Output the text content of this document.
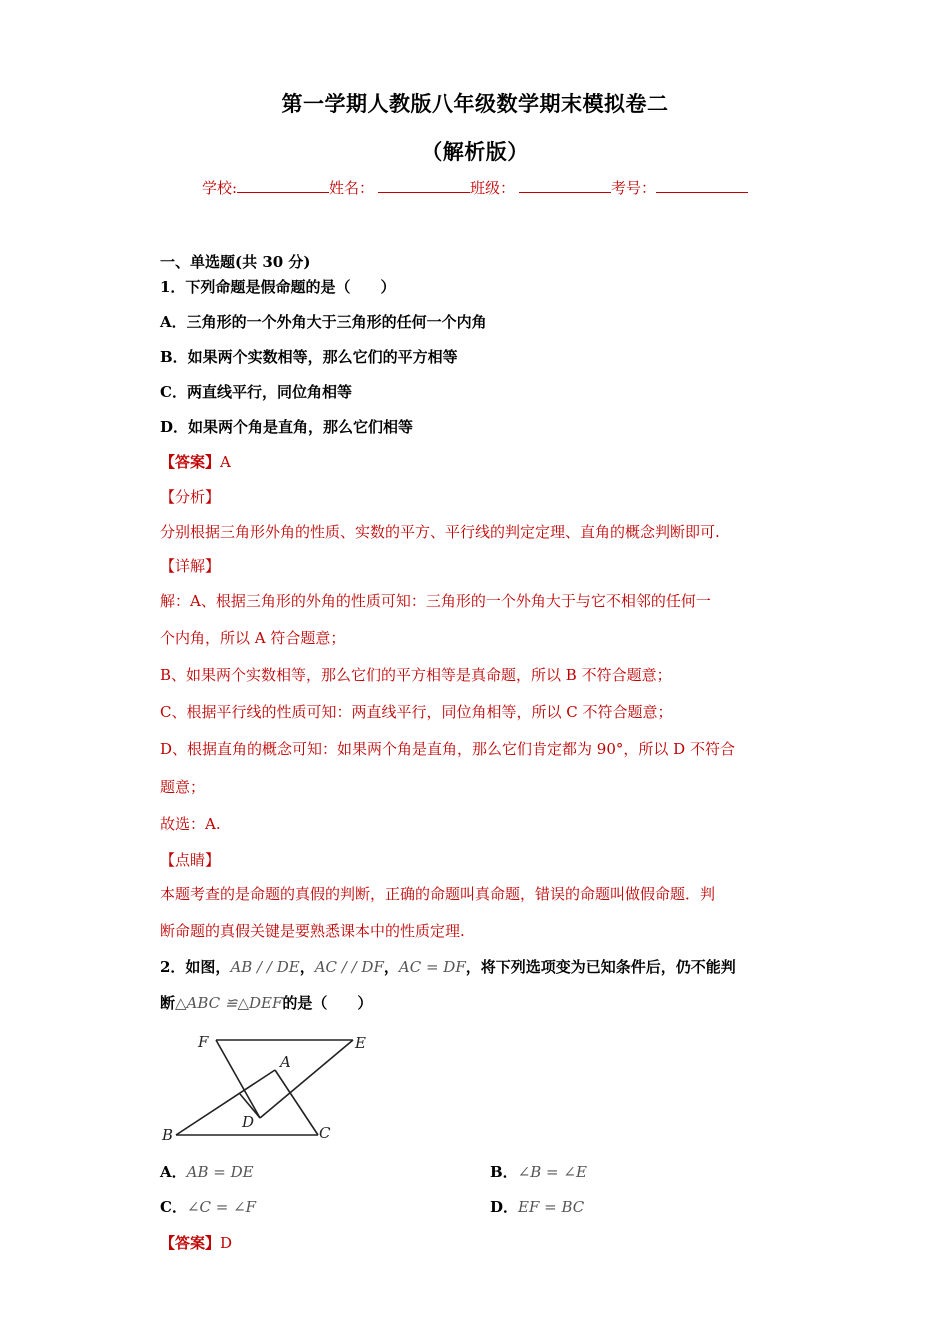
第一学期人教版八年级数学期末模拟卷二
（解析版）
学校:	姓名：	班级：	考号：
一、单选题(共 30 分)
1．下列命题是假命题的是（　　）
A．三角形的一个外角大于三角形的任何一个内角
B．如果两个实数相等，那么它们的平方相等
C．两直线平行，同位角相等
D．如果两个角是直角，那么它们相等
【答案】A
【分析】
分别根据三角形外角的性质、实数的平方、平行线的判定定理、直角的概念判断即可.
【详解】
解：A、根据三角形的外角的性质可知：三角形的一个外角大于与它不相邻的任何一
个内角，所以 A 符合题意；
B、如果两个实数相等，那么它们的平方相等是真命题，所以 B 不符合题意；
C、根据平行线的性质可知：两直线平行，同位角相等，所以 C 不符合题意；
D、根据直角的概念可知：如果两个角是直角，那么它们肯定都为 90°，所以 D 不符合
题意；
故选：A.
【点睛】
本题考查的是命题的真假的判断，正确的命题叫真命题，错误的命题叫做假命题．判
断命题的真假关键是要熟悉课本中的性质定理.
2．如图，AB / / DE，AC / / DF，AC = DF，将下列选项变为已知条件后，仍不能判
断△ABC ≌△DEF的是（　　）
F	E
A
D
B	C
A．AB = DE	B．∠B = ∠E
C．∠C = ∠F	D．EF = BC
【答案】D
